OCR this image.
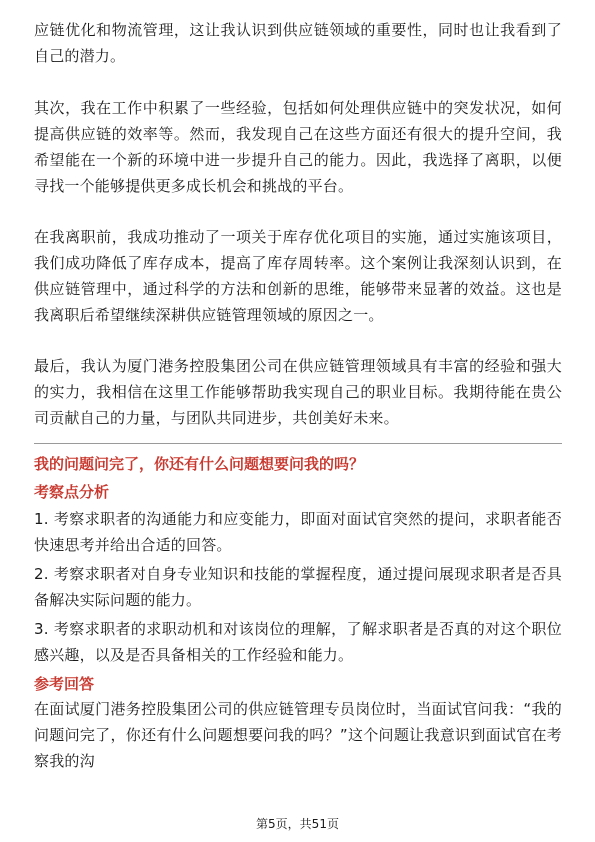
应链优化和物流管理，这让我认识到供应链领域的重要性，同时也让我看到了自己的潜力。

其次，我在工作中积累了一些经验，包括如何处理供应链中的突发状况，如何提高供应链的效率等。然而，我发现自己在这些方面还有很大的提升空间，我希望能在一个新的环境中进一步提升自己的能力。因此，我选择了离职，以便寻找一个能够提供更多成长机会和挑战的平台。

在我离职前，我成功推动了一项关于库存优化项目的实施，通过实施该项目，我们成功降低了库存成本，提高了库存周转率。这个案例让我深刻认识到，在供应链管理中，通过科学的方法和创新的思维，能够带来显著的效益。这也是我离职后希望继续深耕供应链管理领域的原因之一。

最后，我认为厦门港务控股集团公司在供应链管理领域具有丰富的经验和强大的实力，我相信在这里工作能够帮助我实现自己的职业目标。我期待能在贵公司贡献自己的力量，与团队共同进步，共创美好未来。

我的问题问完了，你还有什么问题想要问我的吗？

考察点分析

1. 考察求职者的沟通能力和应变能力，即面对面试官突然的提问，求职者能否快速思考并给出合适的回答。
2. 考察求职者对自身专业知识和技能的掌握程度，通过提问展现求职者是否具备解决实际问题的能力。
3. 考察求职者的求职动机和对该岗位的理解，了解求职者是否真的对这个职位感兴趣，以及是否具备相关的工作经验和能力。

参考回答

在面试厦门港务控股集团公司的供应链管理专员岗位时，当面试官问我：“我的问题问完了，你还有什么问题想要问我的吗？”这个问题让我意识到面试官在考察我的沟

第5页，共51页
